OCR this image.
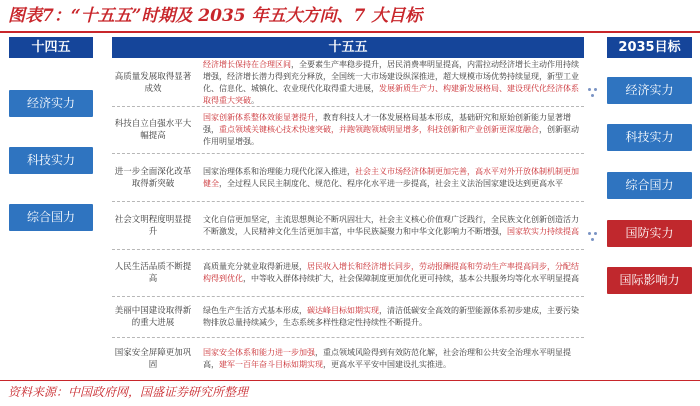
图表7：“十五五”时期及 2035 年五大方向、7 大目标
十四五	十五五	2035目标
经济实力
科技实力
综合国力
经济实力
科技实力
综合国力
国防实力
国际影响力
高质量发展取得显著成效

经济增长保持在合理区间，全要素生产率稳步提升，居民消费率明显提高，内需拉动经济增长主动作用持续增强，经济增长潜力得到充分释放，全国统一大市场建设纵深推进，超大规模市场优势持续显现，新型工业化、信息化、城镇化、农业现代化取得重大进展，发展新质生产力、构建新发展格局、建设现代化经济体系取得重大突破。

科技自立自强水平大幅提高

国家创新体系整体效能显著提升，教育科技人才一体发展格局基本形成，基础研究和原始创新能力显著增强，重点领域关键核心技术快速突破，并跑领跑领域明显增多，科技创新和产业创新更深度融合，创新驱动作用明显增强。

进一步全面深化改革取得新突破

国家治理体系和治理能力现代化深入推进，社会主义市场经济体制更加完善，高水平对外开放体制机制更加健全，全过程人民民主制度化、规范化、程序化水平进一步提高，社会主义法治国家建设达到更高水平

社会文明程度明显提升

文化自信更加坚定，主流思想舆论不断巩固壮大，社会主义核心价值观广泛践行，全民族文化创新创造活力不断激发，人民精神文化生活更加丰富，中华民族凝聚力和中华文化影响力不断增强，国家软实力持续提高

人民生活品质不断提高

高质量充分就业取得新进展，居民收入增长和经济增长同步，劳动报酬提高和劳动生产率提高同步，分配结构得到优化，中等收入群体持续扩大，社会保障制度更加优化更可持续，基本公共服务均等化水平明显提高

美丽中国建设取得新的重大进展

绿色生产生活方式基本形成，碳达峰目标如期实现，清洁低碳安全高效的新型能源体系初步建成，主要污染物排放总量持续减少，生态系统多样性稳定性持续性不断提升。

国家安全屏障更加巩固

国家安全体系和能力进一步加强，重点领域风险得到有效防范化解，社会治理和公共安全治理水平明显提高，建军一百年奋斗目标如期实现，更高水平平安中国建设扎实推进。

资料来源：中国政府网，国盛证券研究所整理
